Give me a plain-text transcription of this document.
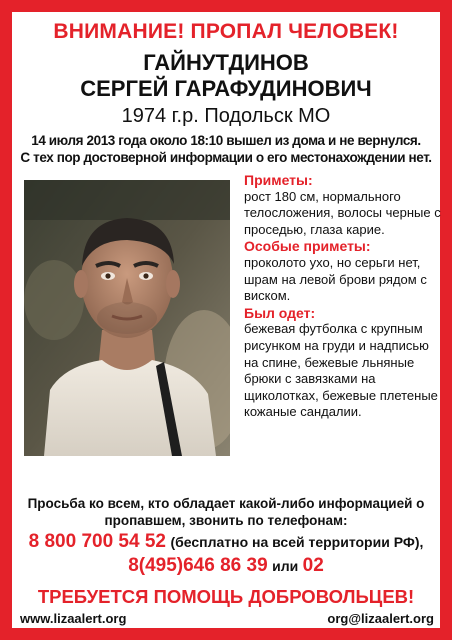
ВНИМАНИЕ! ПРОПАЛ ЧЕЛОВЕК!
ГАЙНУТДИНОВ
СЕРГЕЙ ГАРАФУДИНОВИЧ
1974 г.р. Подольск МО
14 июля 2013 года около 18:10 вышел из дома и не вернулся.
С тех пор достоверной информации о его местонахождении нет.
Приметы:
рост 180 см, нормального телосложения, волосы черные с проседью, глаза карие.
Особые приметы:
проколото ухо, но серьги нет, шрам на левой брови рядом с виском.
Был одет:
бежевая футболка с крупным рисунком на груди и надписью на спине, бежевые льняные брюки с завязками на щиколотках, бежевые плетеные кожаные сандалии.
Просьба ко всем, кто обладает какой-либо информацией о пропавшем, звонить по телефонам:
8 800 700 54 52 (бесплатно на всей территории РФ),
8(495)646 86 39 или 02
ТРЕБУЕТСЯ ПОМОЩЬ ДОБРОВОЛЬЦЕВ!
www.lizaalert.org	org@lizaalert.org
